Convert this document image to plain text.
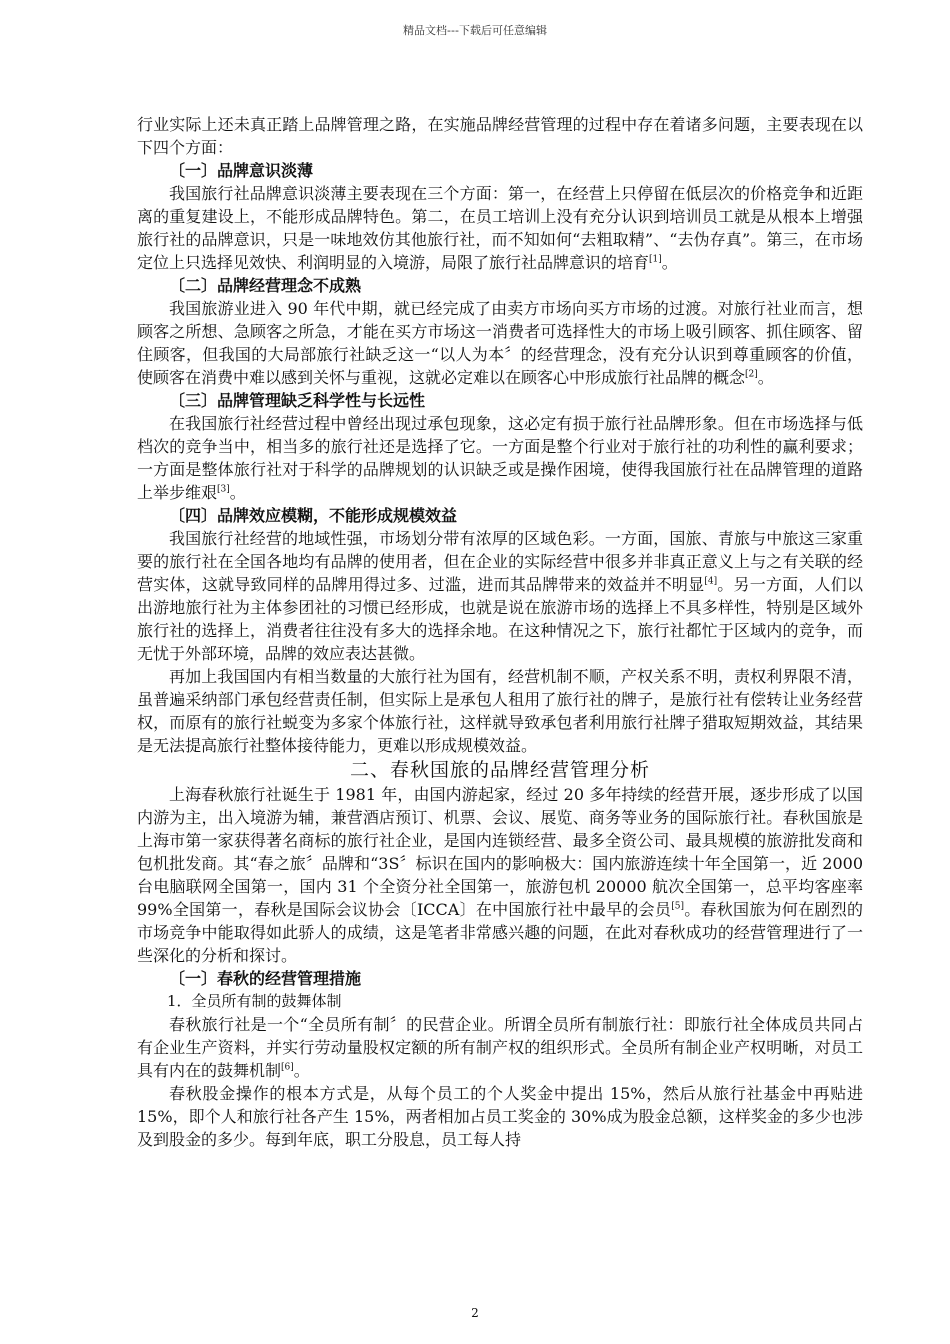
精品文档---下载后可任意编辑

行业实际上还未真正踏上品牌管理之路，在实施品牌经营管理的过程中存在着诸多问题，主要表现在以下四个方面：

〔一〕品牌意识淡薄

我国旅行社品牌意识淡薄主要表现在三个方面：第一，在经营上只停留在低层次的价格竞争和近距离的重复建设上，不能形成品牌特色。第二，在员工培训上没有充分认识到培训员工就是从根本上增强旅行社的品牌意识，只是一味地效仿其他旅行社，而不知如何“去粗取精”、“去伪存真”。第三，在市场定位上只选择见效快、利润明显的入境游，局限了旅行社品牌意识的培育[1]。

〔二〕品牌经营理念不成熟

我国旅游业进入 90 年代中期，就已经完成了由卖方市场向买方市场的过渡。对旅行社业而言，想顾客之所想、急顾客之所急，才能在买方市场这一消费者可选择性大的市场上吸引顾客、抓住顾客、留住顾客，但我国的大局部旅行社缺乏这一“以人为本〞的经营理念，没有充分认识到尊重顾客的价值，使顾客在消费中难以感到关怀与重视，这就必定难以在顾客心中形成旅行社品牌的概念[2]。

〔三〕品牌管理缺乏科学性与长远性

在我国旅行社经营过程中曾经出现过承包现象，这必定有损于旅行社品牌形象。但在市场选择与低档次的竞争当中，相当多的旅行社还是选择了它。一方面是整个行业对于旅行社的功利性的赢利要求；一方面是整体旅行社对于科学的品牌规划的认识缺乏或是操作困境，使得我国旅行社在品牌管理的道路上举步维艰[3]。

〔四〕品牌效应模糊，不能形成规模效益

我国旅行社经营的地域性强，市场划分带有浓厚的区域色彩。一方面，国旅、青旅与中旅这三家重要的旅行社在全国各地均有品牌的使用者，但在企业的实际经营中很多并非真正意义上与之有关联的经营实体，这就导致同样的品牌用得过多、过滥，进而其品牌带来的效益并不明显[4]。另一方面，人们以出游地旅行社为主体参团社的习惯已经形成，也就是说在旅游市场的选择上不具多样性，特别是区域外旅行社的选择上，消费者往往没有多大的选择余地。在这种情况之下，旅行社都忙于区域内的竞争，而无忧于外部环境，品牌的效应表达甚微。

再加上我国国内有相当数量的大旅行社为国有，经营机制不顺，产权关系不明，责权利界限不清，虽普遍采纳部门承包经营责任制，但实际上是承包人租用了旅行社的牌子，是旅行社有偿转让业务经营权，而原有的旅行社蜕变为多家个体旅行社，这样就导致承包者利用旅行社牌子猎取短期效益，其结果是无法提高旅行社整体接待能力，更难以形成规模效益。

二、春秋国旅的品牌经营管理分析

上海春秋旅行社诞生于 1981 年，由国内游起家，经过 20 多年持续的经营开展，逐步形成了以国内游为主，出入境游为辅，兼营酒店预订、机票、会议、展览、商务等业务的国际旅行社。春秋国旅是上海市第一家获得著名商标的旅行社企业，是国内连锁经营、最多全资公司、最具规模的旅游批发商和包机批发商。其“春之旅〞品牌和“3S〞标识在国内的影响极大：国内旅游连续十年全国第一，近 2000 台电脑联网全国第一，国内 31 个全资分社全国第一，旅游包机 20000 航次全国第一，总平均客座率 99%全国第一，春秋是国际会议协会〔ICCA〕在中国旅行社中最早的会员[5]。春秋国旅为何在剧烈的市场竞争中能取得如此骄人的成绩，这是笔者非常感兴趣的问题，在此对春秋成功的经营管理进行了一些深化的分析和探讨。

〔一〕春秋的经营管理措施

1．全员所有制的鼓舞体制

春秋旅行社是一个“全员所有制〞的民营企业。所谓全员所有制旅行社：即旅行社全体成员共同占有企业生产资料，并实行劳动量股权定额的所有制产权的组织形式。全员所有制企业产权明晰，对员工具有内在的鼓舞机制[6]。

春秋股金操作的根本方式是，从每个员工的个人奖金中提出 15%，然后从旅行社基金中再贴进 15%，即个人和旅行社各产生 15%，两者相加占员工奖金的 30%成为股金总额，这样奖金的多少也涉及到股金的多少。每到年底，职工分股息，员工每人持

2
